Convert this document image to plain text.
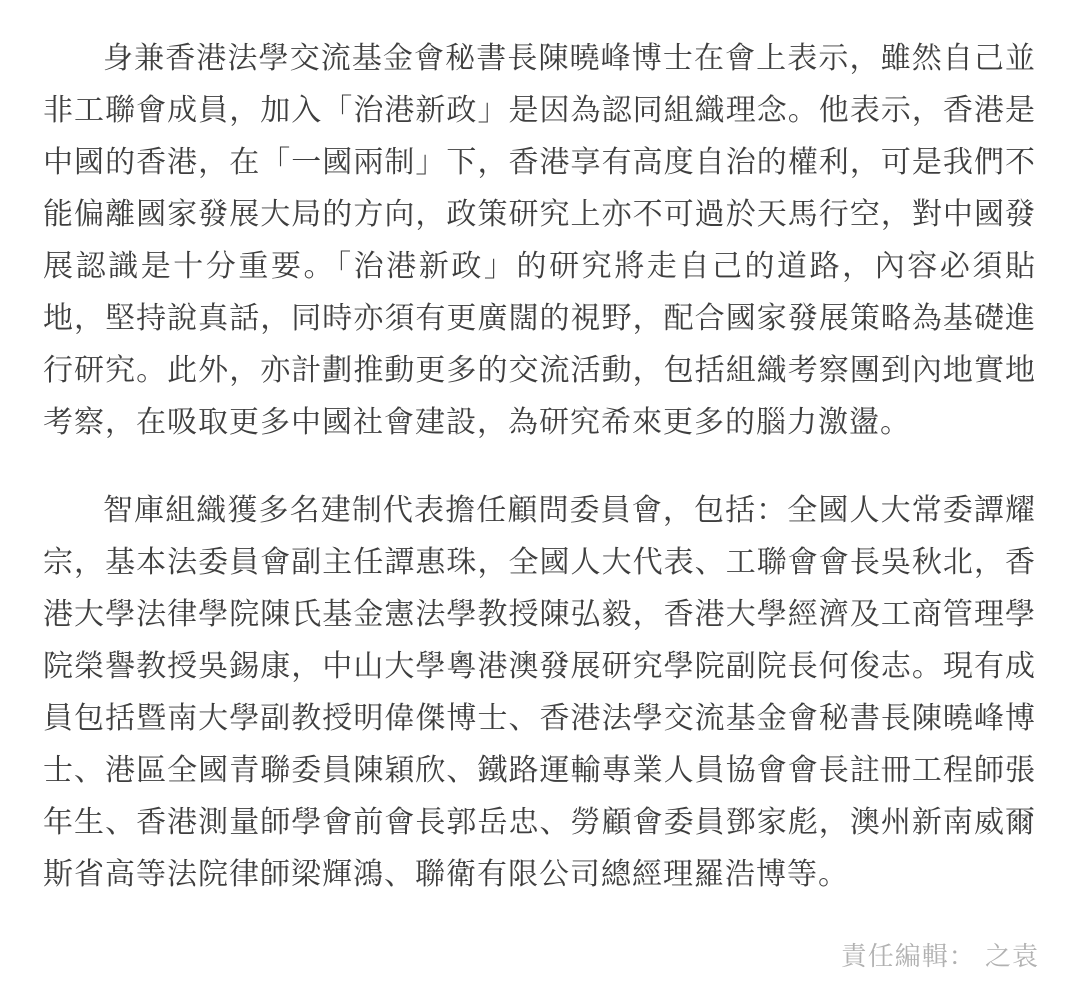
身兼香港法學交流基金會秘書長陳曉峰博士在會上表示，雖然自己並非工聯會成員，加入「治港新政」是因為認同組織理念。他表示，香港是中國的香港，在「一國兩制」下，香港享有高度自治的權利，可是我們不能偏離國家發展大局的方向，政策研究上亦不可過於天馬行空，對中國發展認識是十分重要。「治港新政」的研究將走自己的道路，內容必須貼地，堅持說真話，同時亦須有更廣闊的視野，配合國家發展策略為基礎進行研究。此外，亦計劃推動更多的交流活動，包括組織考察團到內地實地考察，在吸取更多中國社會建設，為研究希來更多的腦力激盪。

智庫組織獲多名建制代表擔任顧問委員會，包括：全國人大常委譚耀宗，基本法委員會副主任譚惠珠，全國人大代表、工聯會會長吳秋北，香港大學法律學院陳氏基金憲法學教授陳弘毅，香港大學經濟及工商管理學院榮譽教授吳錫康，中山大學粵港澳發展研究學院副院長何俊志。現有成員包括暨南大學副教授明偉傑博士、香港法學交流基金會秘書長陳曉峰博士、港區全國青聯委員陳穎欣、鐵路運輸專業人員協會會長註冊工程師張年生、香港測量師學會前會長郭岳忠、勞顧會委員鄧家彪，澳州新南威爾斯省高等法院律師梁輝鴻、聯衛有限公司總經理羅浩博等。

責任編輯： 之袁
